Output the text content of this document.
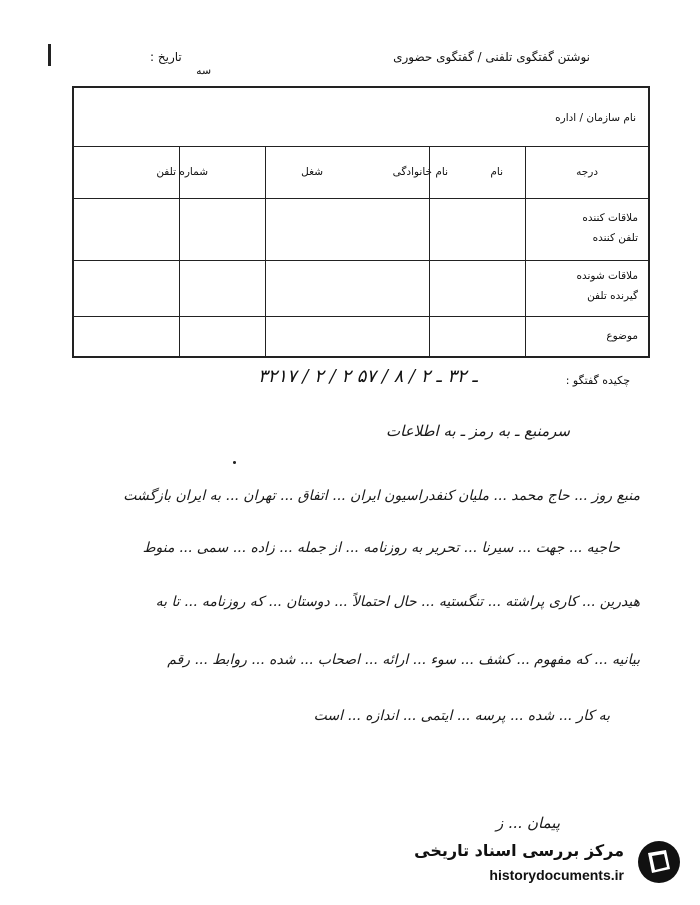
نوشتن گفتگوی تلفنی / گفتگوی حضوری
تاریخ :
سه
نام سازمان / اداره
درجه
نام
نام خانوادگی
شغل
شماره تلفن
ملاقات کننده
تلفن کننده
ملاقات شونده
گیرنده تلفن
موضوع
چکیده گفتگو :
۳۲۱۷ / ۲ / ۲ ـ ۳۲ ـ ۲ / ۸ / ۵۷
سرمنبع ـ به رمز ـ به اطلاعات
منبع روز ... حاج محمد ... ملیان کنفدراسیون ایران ... اتفاق ... تهران ... به ایران بازگشت
حاجیه ... جهت ... سیرنا ... تحریر به روزنامه ... از جمله ... زاده ... سمی ... منوط
هیدرین ... کاری پراشته ... تنگستیه ... حال احتمالاً ... دوستان ... که روزنامه ... تا به
بیانیه ... که مفهوم ... کشف ... سوء ... ارائه ... اصحاب ... شده ... روابط ... رقم
به کار ... شده ... پرسه ... ایتمی ... اندازه ... است
پیمان ... ز
مرکز بررسی اسناد تاریخی
historydocuments.ir
